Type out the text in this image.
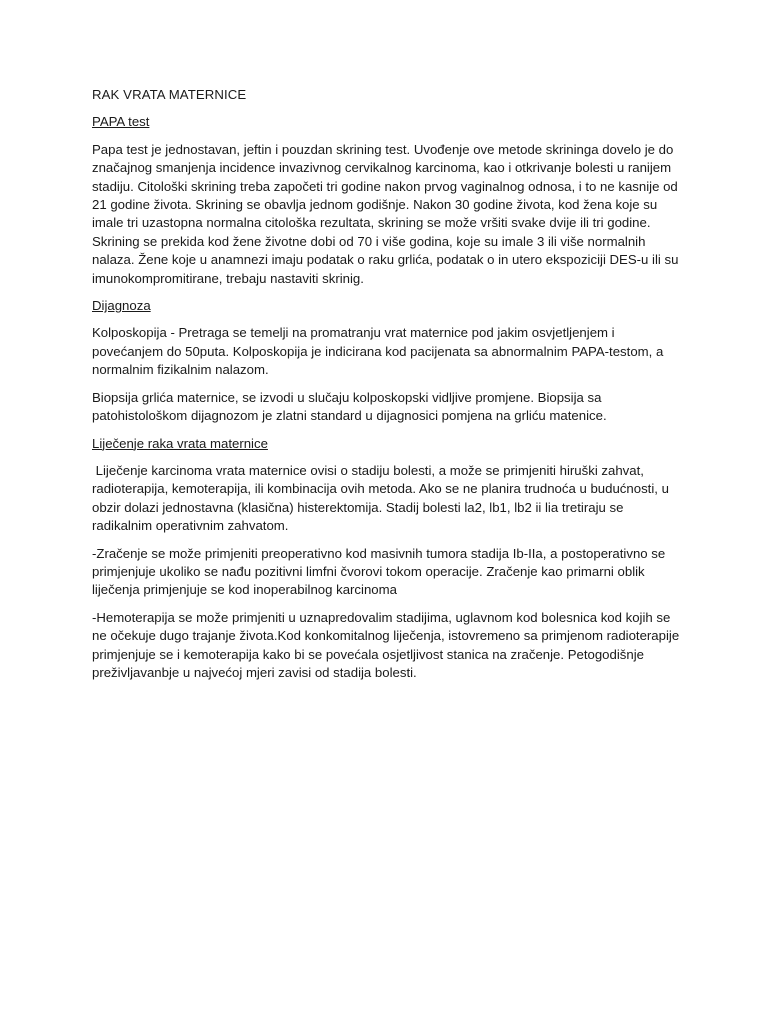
RAK VRATA MATERNICE
PAPA test
Papa test je jednostavan, jeftin i pouzdan skrining test. Uvođenje ove metode skrininga dovelo je do značajnog smanjenja incidence invazivnog cervikalnog karcinoma, kao i otkrivanje bolesti u ranijem stadiju. Citološki skrining treba započeti tri godine nakon prvog vaginalnog odnosa, i to ne kasnije od 21 godine života. Skrining se obavlja jednom godišnje. Nakon 30 godine života, kod žena koje su imale tri uzastopna normalna citološka rezultata, skrining se može vršiti svake dvije ili tri godine. Skrining se prekida kod žene životne dobi od 70 i više godina, koje su imale 3 ili više normalnih nalaza. Žene koje u anamnezi imaju podatak o raku grlića, podatak o in utero ekspoziciji DES-u ili su imunokompromitirane, trebaju nastaviti skrinig.
Dijagnoza
Kolposkopija - Pretraga se temelji na promatranju vrat maternice pod jakim osvjetljenjem i povećanjem do 50puta. Kolposkopija je indicirana kod pacijenata sa abnormalnim PAPA-testom, a normalnim fizikalnim nalazom.
Biopsija grlića maternice, se izvodi u slučaju kolposkopski vidljive promjene. Biopsija sa patohistološkom dijagnozom je zlatni standard u dijagnosici pomjena na grliću matenice.
Liječenje raka vrata maternice
Liječenje karcinoma vrata maternice ovisi o stadiju bolesti, a može se primjeniti hiruški zahvat, radioterapija, kemoterapija, ili kombinacija ovih metoda. Ako se ne planira trudnoća u budućnosti, u obzir dolazi jednostavna (klasična) histerektomija. Stadij bolesti la2, lb1, lb2 ii lia tretiraju se radikalnim operativnim zahvatom.
-Zračenje se može primjeniti preoperativno kod masivnih tumora stadija Ib-IIa, a postoperativno se primjenjuje ukoliko se nađu pozitivni limfni čvorovi tokom operacije. Zračenje kao primarni oblik liječenja primjenjuje se kod inoperabilnog karcinoma
-Hemoterapija se može primjeniti u uznapredovalim stadijima, uglavnom kod bolesnica kod kojih se ne očekuje dugo trajanje života.Kod konkomitalnog liječenja, istovremeno sa primjenom radioterapije primjenjuje se i kemoterapija kako bi se povećala osjetljivost stanica na zračenje. Petogodišnje preživljavanbje u najvećoj mjeri zavisi od stadija bolesti.
